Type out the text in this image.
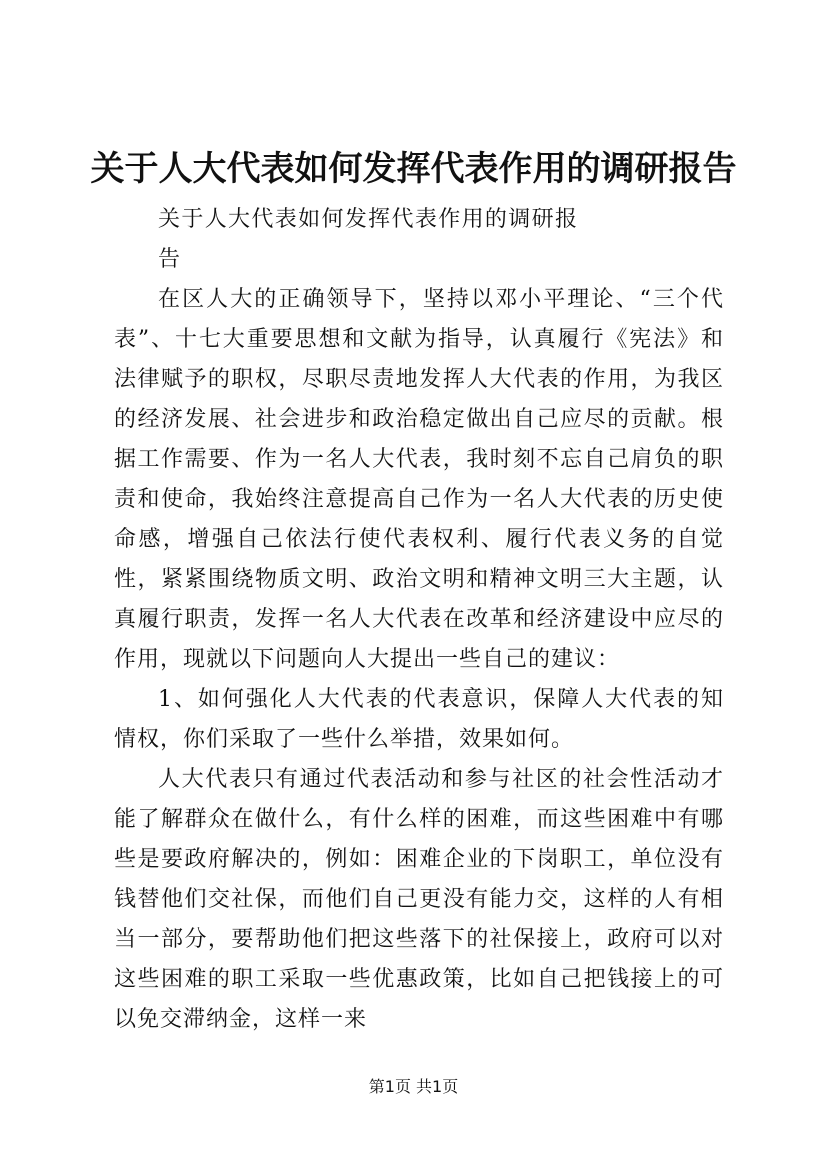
关于人大代表如何发挥代表作用的调研报告

关于人大代表如何发挥代表作用的调研报告

在区人大的正确领导下，坚持以邓小平理论、“三个代表”、十七大重要思想和文献为指导，认真履行《宪法》和法律赋予的职权，尽职尽责地发挥人大代表的作用，为我区的经济发展、社会进步和政治稳定做出自己应尽的贡献。根据工作需要、作为一名人大代表，我时刻不忘自己肩负的职责和使命，我始终注意提高自己作为一名人大代表的历史使命感，增强自己依法行使代表权利、履行代表义务的自觉性，紧紧围绕物质文明、政治文明和精神文明三大主题，认真履行职责，发挥一名人大代表在改革和经济建设中应尽的作用，现就以下问题向人大提出一些自己的建议：

1、如何强化人大代表的代表意识，保障人大代表的知情权，你们采取了一些什么举措，效果如何。

人大代表只有通过代表活动和参与社区的社会性活动才能了解群众在做什么，有什么样的困难，而这些困难中有哪些是要政府解决的，例如：困难企业的下岗职工，单位没有钱替他们交社保，而他们自己更没有能力交，这样的人有相当一部分，要帮助他们把这些落下的社保接上，政府可以对这些困难的职工采取一些优惠政策，比如自己把钱接上的可以免交滞纳金，这样一来

第1页 共1页
